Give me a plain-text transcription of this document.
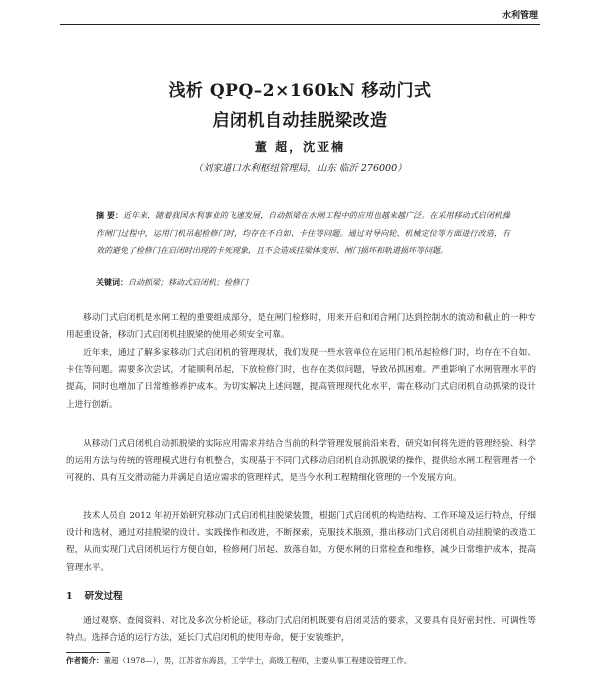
水利管理
浅析 QPQ–2×160kN 移动门式
启闭机自动挂脱梁改造
董 超，沈亚楠
（刘家道口水利枢纽管理局，山东 临沂 276000）
摘 要：近年来，随着我国水利事业的飞速发展，自动抓梁在水闸工程中的应用也越来越广泛。在采用移动式启闭机操作闸门过程中，运用门机吊起检修门时，均存在不自如、卡住等问题。通过对导向轮、机械定位等方面进行改造，有效的避免了检修门在启闭时出现的卡死现象，且不会造成挂梁体变形、闸门损坏和轨道损坏等问题。
关键词：自动抓梁；移动式启闭机；检修门
移动门式启闭机是水闸工程的重要组成部分，是在闸门检修时，用来开启和闭合闸门达到控制水的流动和截止的一种专用起重设备，移动门式启闭机挂脱梁的使用必须安全可靠。
近年来，通过了解多家移动门式启闭机的管理现状，我们发现一些水管单位在运用门机吊起检修门时，均存在不自如、卡住等问题。需要多次尝试，才能顺利吊起，下放检修门时，也存在类似问题，导致吊抓困难。严重影响了水闸管理水平的提高，同时也增加了日常维修养护成本。为切实解决上述问题，提高管理现代化水平，需在移动门式启闭机自动抓梁的设计上进行创新。
从移动门式启闭机自动抓脱梁的实际应用需求并结合当前的科学管理发展前沿来看，研究如何将先进的管理经验、科学的运用方法与传统的管理模式进行有机整合，实现基于不同门式移动启闭机自动抓脱梁的操作，提供给水闸工程管理者一个可视的、具有互交滑动能力并满足自适应需求的管理样式，是当今水利工程精细化管理的一个发展方向。
技术人员自 2012 年初开始研究移动门式启闭机挂脱梁装置，根据门式启闭机的构造结构、工作环境及运行特点，仔细设计和选材，通过对挂脱梁的设计、实践操作和改进，不断探索，克服技术瓶颈，推出移动门式启闭机自动挂脱梁的改造工程，从而实现门式启闭机运行方便自如，检修闸门吊起、放落自如，方便水闸的日常检查和维修，减少日常维护成本，提高管理水平。
1 研发过程
通过观察、查阅资料、对比及多次分析论证，移动门式启闭机既要有启闭灵活的要求，又要具有良好密封性、可调性等特点。选择合适的运行方法，延长门式启闭机的使用寿命，便于安装维护，
作者简介：董超（1978—），男，江苏省东海县，工学学士，高级工程师，主要从事工程建设管理工作。
